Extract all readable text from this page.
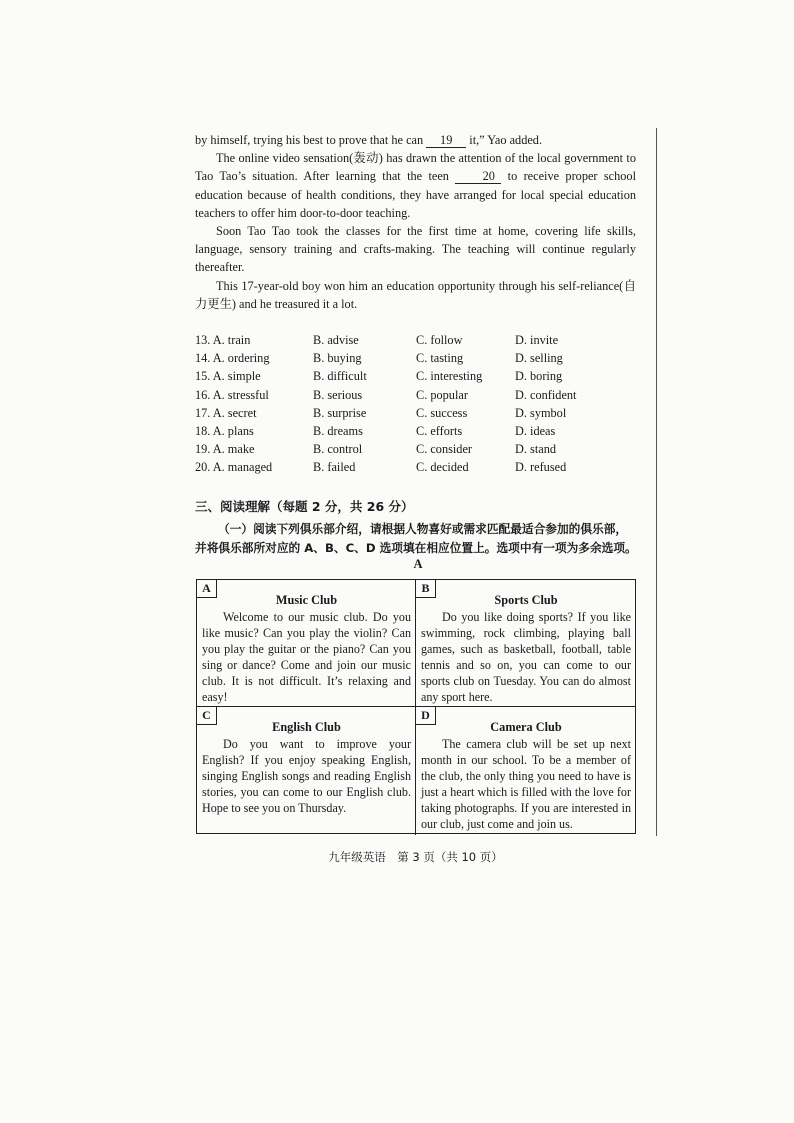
by himself, trying his best to prove that he can 19 it,” Yao added.

The online video sensation(轰动) has drawn the attention of the local government to Tao Tao’s situation. After learning that the teen 20 to receive proper school education because of health conditions, they have arranged for local special education teachers to offer him door-to-door teaching.

Soon Tao Tao took the classes for the first time at home, covering life skills, language, sensory training and crafts-making. The teaching will continue regularly thereafter.

This 17-year-old boy won him an education opportunity through his self-reliance(自力更生) and he treasured it a lot.

13. A. train	B. advise	C. follow	D. invite
14. A. ordering	B. buying	C. tasting	D. selling
15. A. simple	B. difficult	C. interesting	D. boring
16. A. stressful	B. serious	C. popular	D. confident
17. A. secret	B. surprise	C. success	D. symbol
18. A. plans	B. dreams	C. efforts	D. ideas
19. A. make	B. control	C. consider	D. stand
20. A. managed	B. failed	C. decided	D. refused
三、阅读理解（每题 2 分，共 26 分）

（一）阅读下列俱乐部介绍，请根据人物喜好或需求匹配最适合参加的俱乐部，

并将俱乐部所对应的 A、B、C、D 选项填在相应位置上。选项中有一项为多余选项。

A
A
Music Club

Welcome to our music club. Do you like music? Can you play the violin? Can you play the guitar or the piano? Can you sing or dance? Come and join our music club. It is not difficult. It’s relaxing and easy!

B
Sports Club

Do you like doing sports? If you like swimming, rock climbing, playing ball games, such as basketball, football, table tennis and so on, you can come to our sports club on Tuesday. You can do almost any sport here.

C
English Club

Do you want to improve your English? If you enjoy speaking English, singing English songs and reading English stories, you can come to our English club. Hope to see you on Thursday.

D
Camera Club

The camera club will be set up next month in our school. To be a member of the club, the only thing you need to have is just a heart which is filled with the love for taking photographs. If you are interested in our club, just come and join us.

九年级英语　第 3 页（共 10 页）
